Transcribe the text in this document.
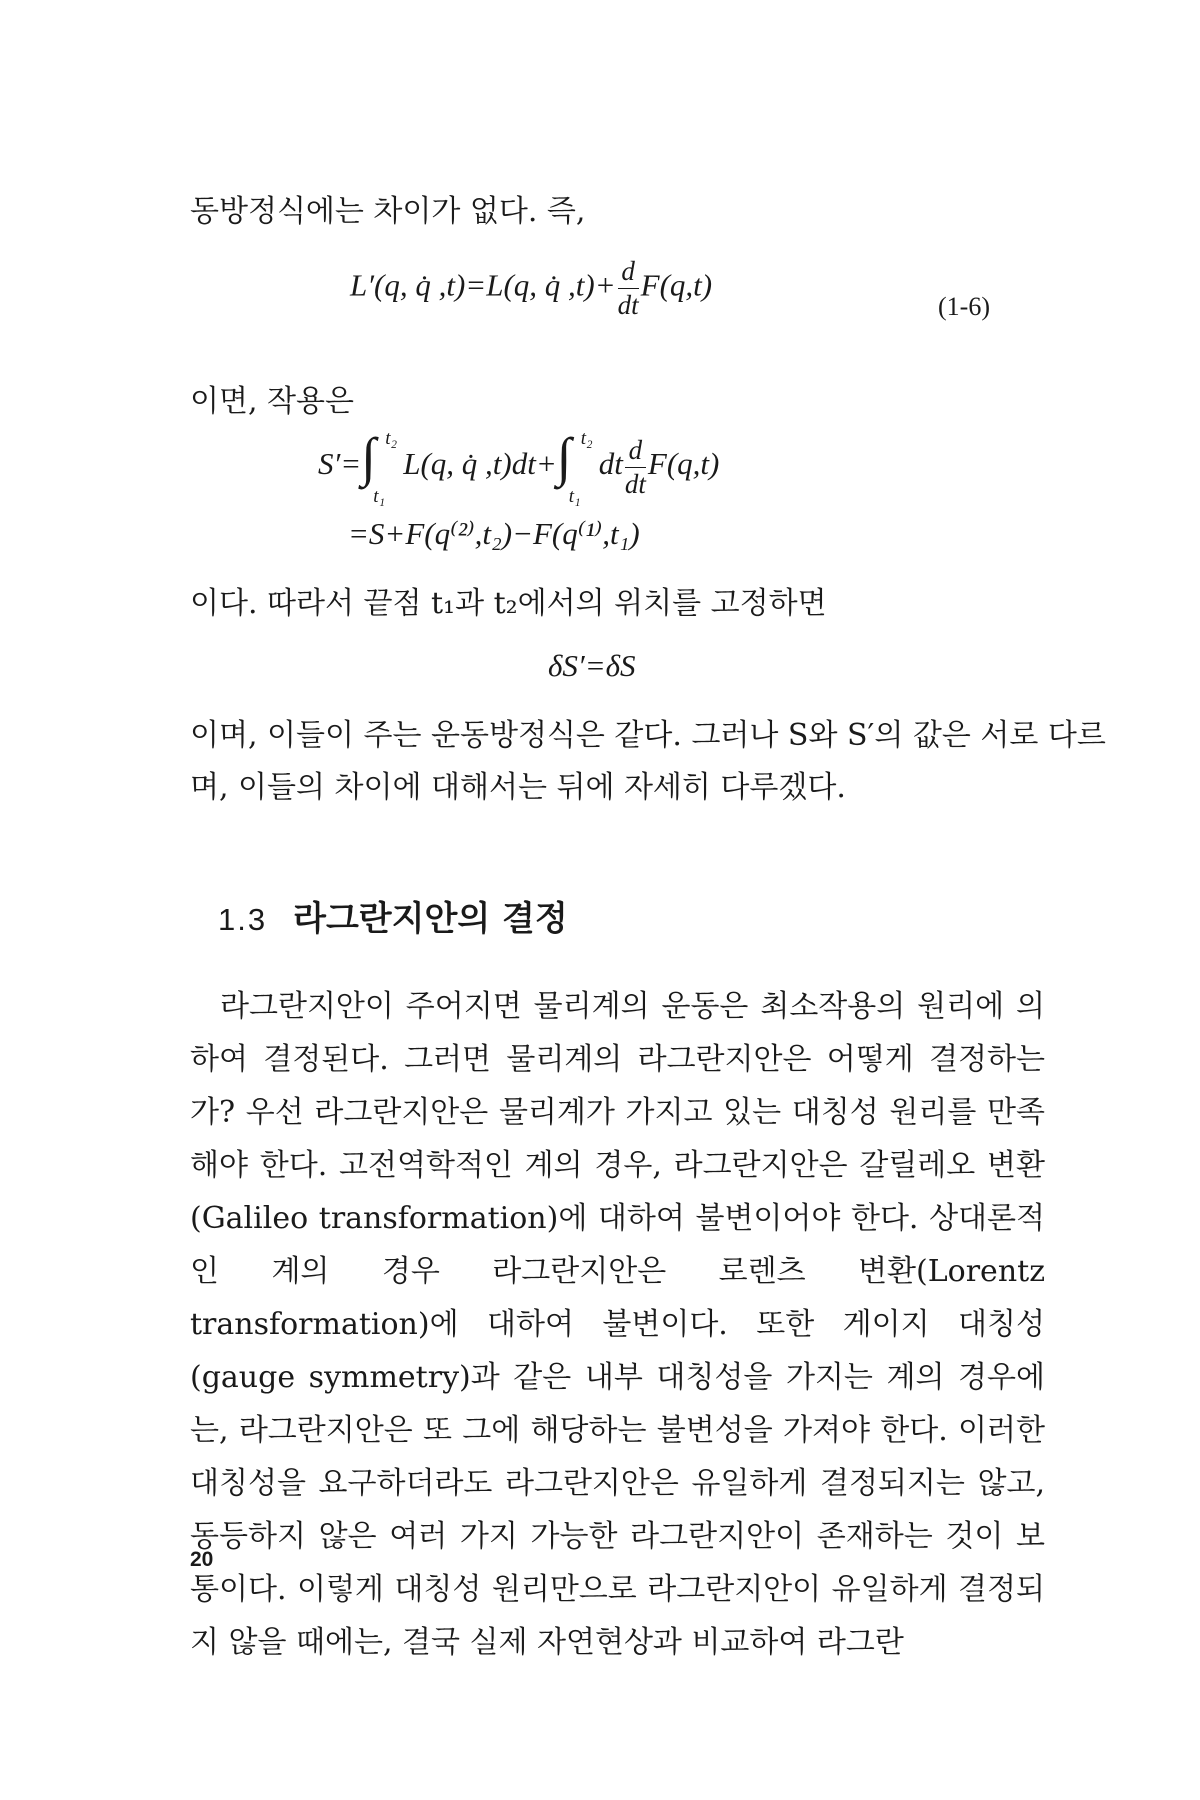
동방정식에는 차이가 없다. 즉,
L′(q, q̇ ,t)=L(q, q̇ $,t)+ \frac{d}{dt} F(q,t)$
(1-6)
이면, 작용은
S′= ∫ t₂
t₁
L(q, q̇ ,t)dt+ ∫ t₂
t₁
dt $\frac{d}{dt} F(q,t)$
=S+F(q⁽²⁾,t₂)−F(q⁽¹⁾,t₁)
이다. 따라서 끝점 t₁과 t₂에서의 위치를 고정하면
δS′=δS
이며, 이들이 주는 운동방정식은 같다. 그러나 S와 S′의 값은 서로 다르
며, 이들의 차이에 대해서는 뒤에 자세히 다루겠다.
1.3 라그란지안의 결정

라그란지안이 주어지면 물리계의 운동은 최소작용의 원리에 의하여 결정된다. 그러면 물리계의 라그란지안은 어떻게 결정하는가? 우선 라그란지안은 물리계가 가지고 있는 대칭성 원리를 만족해야 한다. 고전역학적인 계의 경우, 라그란지안은 갈릴레오 변환(Galileo transformation)에 대하여 불변이어야 한다. 상대론적인 계의 경우 라그란지안은 로렌츠 변환(Lorentz transformation)에 대하여 불변이다. 또한 게이지 대칭성(gauge symmetry)과 같은 내부 대칭성을 가지는 계의 경우에는, 라그란지안은 또 그에 해당하는 불변성을 가져야 한다. 이러한 대칭성을 요구하더라도 라그란지안은 유일하게 결정되지는 않고, 동등하지 않은 여러 가지 가능한 라그란지안이 존재하는 것이 보통이다. 이렇게 대칭성 원리만으로 라그란지안이 유일하게 결정되지 않을 때에는, 결국 실제 자연현상과 비교하여 라그란

20
